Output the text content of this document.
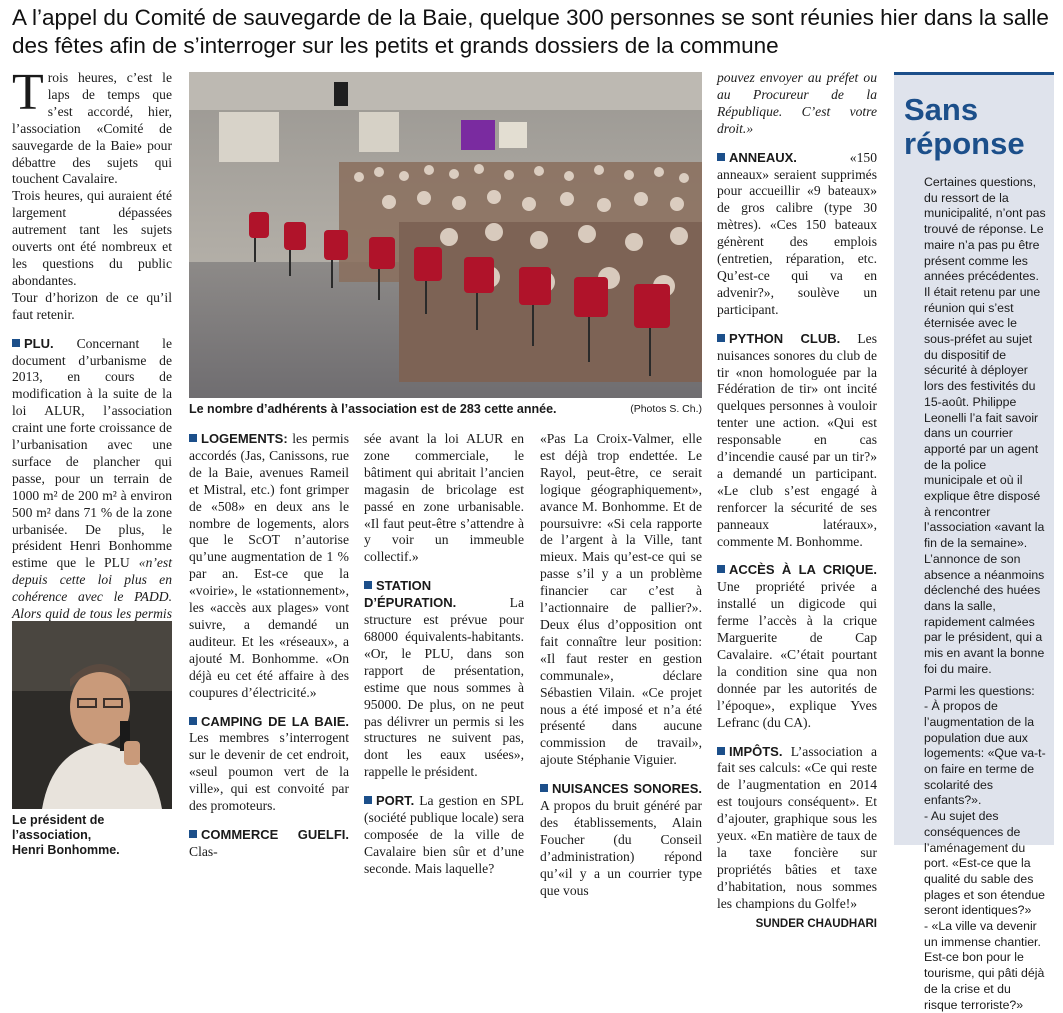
A l’appel du Comité de sauvegarde de la Baie, quelque 300 personnes se sont réunies hier dans la salle des fêtes afin de s’interroger sur les petits et grands dossiers de la commune

Trois heures, c’est le laps de temps que s’est accordé, hier, l’association «Comité de sauvegarde de la Baie» pour débattre des sujets qui touchent Cavalaire.

Trois heures, qui auraient été largement dépassées autrement tant les sujets ouverts ont été nombreux et les questions du public abondantes.

Tour d’horizon de ce qu’il faut retenir.

PLU. Concernant le document d’urbanisme de 2013, en cours de modification à la suite de la loi ALUR, l’association craint une forte croissance de l’urbanisation avec une surface de plancher qui passe, pour un terrain de 1000 m² de 200 m² à environ 500 m² dans 71 % de la zone urbanisée. De plus, le président Henri Bonhomme estime que le PLU «n’est depuis cette loi plus en cohérence avec le PADD. Alors quid de tous les permis

Le nombre d’adhérents à l’association est de 283 cette année.	(Photos S. Ch.)
Le président de l’association,
Henri Bonhomme.

LOGEMENTS: les permis accordés (Jas, Canissons, rue de la Baie, avenues Rameil et Mistral, etc.) font grimper de «508» en deux ans le nombre de logements, alors que le ScOT n’autorise qu’une augmentation de 1 % par an. Est-ce que la «voirie», le «stationnement», les «accès aux plages» vont suivre, a demandé un auditeur. Et les «réseaux», a ajouté M. Bonhomme. «On déjà eu cet été affaire à des coupures d’électricité.»

CAMPING DE LA BAIE. Les membres s’interrogent sur le devenir de cet endroit, «seul poumon vert de la ville», qui est convoité par des promoteurs.

COMMERCE GUELFI. Clas-

sée avant la loi ALUR en zone commerciale, le bâtiment qui abritait l’ancien magasin de bricolage est passé en zone urbanisable. «Il faut peut-être s’attendre à y voir un immeuble collectif.»

STATION D’ÉPURATION. La structure est prévue pour 68000 équivalents-habitants. «Or, le PLU, dans son rapport de présentation, estime que nous sommes à 95000. De plus, on ne peut pas délivrer un permis si les structures ne suivent pas, dont les eaux usées», rappelle le président.

PORT. La gestion en SPL (société publique locale) sera composée de la ville de Cavalaire bien sûr et d’une seconde. Mais laquelle?

«Pas La Croix-Valmer, elle est déjà trop endettée. Le Rayol, peut-être, ce serait logique géographiquement», avance M. Bonhomme. Et de poursuivre: «Si cela rapporte de l’argent à la Ville, tant mieux. Mais qu’est-ce qui se passe s’il y a un problème financier car c’est à l’actionnaire de pallier?». Deux élus d’opposition ont fait connaître leur position: «Il faut rester en gestion communale», déclare Sébastien Vilain. «Ce projet nous a été imposé et n’a été présenté dans aucune commission de travail», ajoute Stéphanie Viguier.

NUISANCES SONORES. A propos du bruit généré par des établissements, Alain Foucher (du Conseil d’administration) répond qu’«il y a un courrier type que vous

pouvez envoyer au préfet ou au Procureur de la République. C’est votre droit.»

ANNEAUX. «150 anneaux» seraient supprimés pour accueillir «9 bateaux» de gros calibre (type 30 mètres). «Ces 150 bateaux génèrent des emplois (entretien, réparation, etc. Qu’est-ce qui va en advenir?», soulève un participant.

PYTHON CLUB. Les nuisances sonores du club de tir «non homologuée par la Fédération de tir» ont incité quelques personnes à vouloir tenter une action. «Qui est responsable en cas d’incendie causé par un tir?» a demandé un participant. «Le club s’est engagé à renforcer la sécurité de ses panneaux latéraux», commente M. Bonhomme.

ACCÈS À LA CRIQUE. Une propriété privée a installé un digicode qui ferme l’accès à la crique Marguerite de Cap Cavalaire. «C’était pourtant la condition sine qua non donnée par les autorités de l’époque», explique Yves Lefranc (du CA).

IMPÔTS. L’association a fait ses calculs: «Ce qui reste de l’augmentation en 2014 est toujours conséquent». Et d’ajouter, graphique sous les yeux. «En matière de taux de la taxe foncière sur propriétés bâties et taxe d’habitation, nous sommes les champions du Golfe!»

SUNDER CHAUDHARI

Sans
réponse

Certaines questions, du ressort de la municipalité, n’ont pas trouvé de réponse. Le maire n’a pas pu être présent comme les années précédentes. Il était retenu par une réunion qui s’est éternisée avec le sous-préfet au sujet du dispositif de sécurité à déployer lors des festivités du 15-août. Philippe Leonelli l’a fait savoir dans un courrier apporté par un agent de la police municipale et où il explique être disposé à rencontrer l’association «avant la fin de la semaine». L’annonce de son absence a néanmoins déclenché des huées dans la salle, rapidement calmées par le président, qui a mis en avant la bonne foi du maire.

Parmi les questions:

- À propos de l’augmentation de la population due aux logements: «Que va-t-on faire en terme de scolarité des enfants?».

- Au sujet des conséquences de l’aménagement du port. «Est-ce que la qualité du sable des plages et son étendue seront identiques?»

- «La ville va devenir un immense chantier. Est-ce bon pour le tourisme, qui pâti déjà de la crise et du risque terroriste?»
